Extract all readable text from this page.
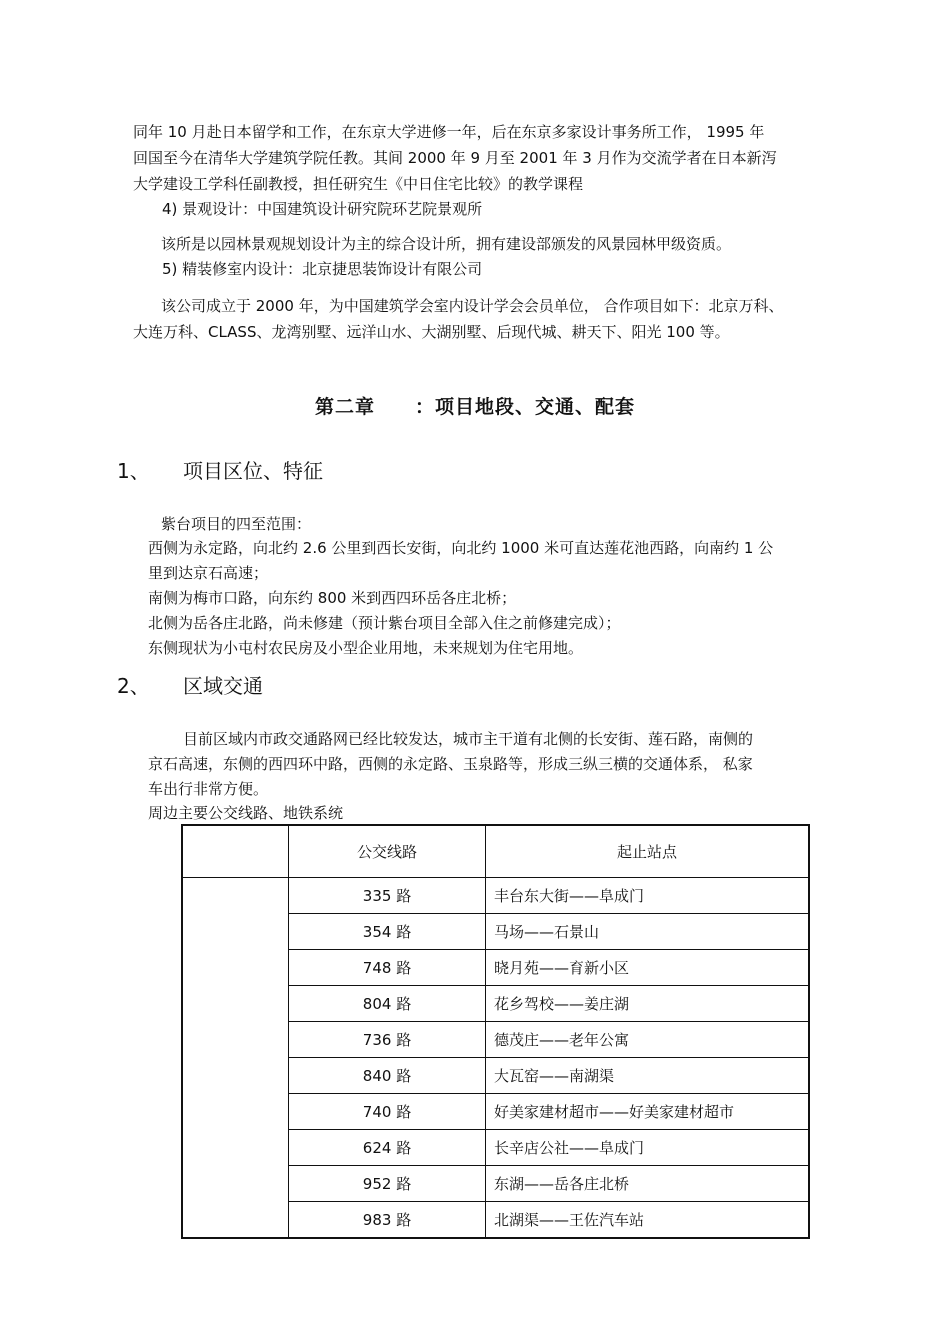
同年 10 月赴日本留学和工作，在东京大学进修一年，后在东京多家设计事务所工作， 1995 年
回国至今在清华大学建筑学院任教。其间 2000 年 9 月至 2001 年 3 月作为交流学者在日本新泻
大学建设工学科任副教授，担任研究生《中日住宅比较》的教学课程
4) 景观设计：中国建筑设计研究院环艺院景观所
该所是以园林景观规划设计为主的综合设计所，拥有建设部颁发的风景园林甲级资质。
5) 精装修室内设计：北京捷思装饰设计有限公司
该公司成立于 2000 年，为中国建筑学会室内设计学会会员单位， 合作项目如下：北京万科、
大连万科、CLASS、龙湾别墅、远洋山水、大湖别墅、后现代城、耕天下、阳光 100 等。
第二章 ：项目地段、交通、配套
1、 项目区位、特征
紫台项目的四至范围：
西侧为永定路，向北约 2.6 公里到西长安街，向北约 1000 米可直达莲花池西路，向南约 1 公
里到达京石高速；
南侧为梅市口路，向东约 800 米到西四环岳各庄北桥；
北侧为岳各庄北路，尚未修建（预计紫台项目全部入住之前修建完成）；
东侧现状为小屯村农民房及小型企业用地，未来规划为住宅用地。
2、 区域交通
目前区域内市政交通路网已经比较发达，城市主干道有北侧的长安街、莲石路，南侧的
京石高速，东侧的西四环中路，西侧的永定路、玉泉路等，形成三纵三横的交通体系， 私家
车出行非常方便。
周边主要公交线路、地铁系统
	公交线路	起止站点
	335 路	丰台东大街——阜成门
	354 路	马场——石景山
	748 路	晓月苑——育新小区
	804 路	花乡驾校——姜庄湖
	736 路	德茂庄——老年公寓
	840 路	大瓦窑——南湖渠
	740 路	好美家建材超市——好美家建材超市
	624 路	长辛店公社——阜成门
	952 路	东湖——岳各庄北桥
	983 路	北湖渠——王佐汽车站
